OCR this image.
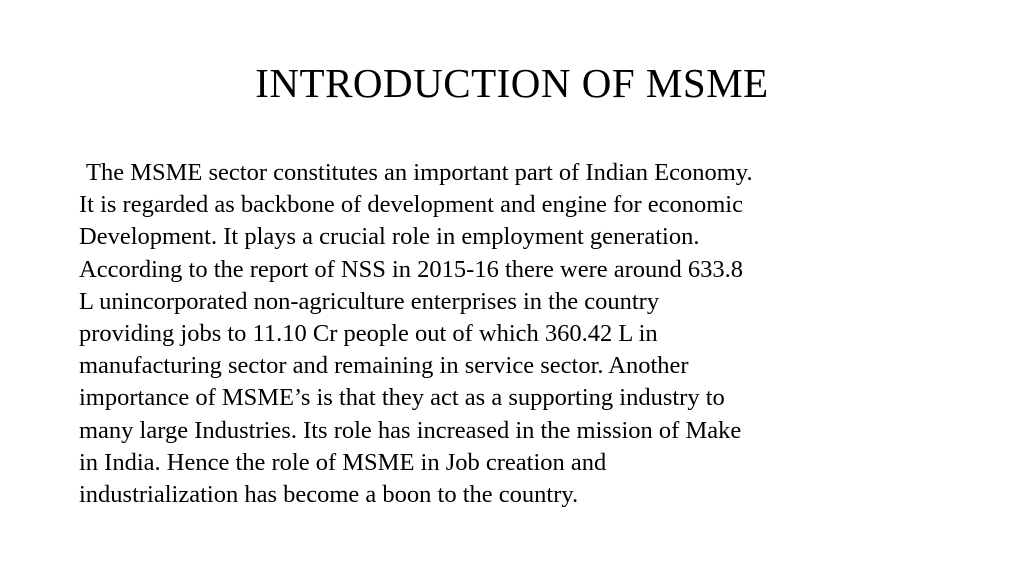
INTRODUCTION OF MSME

The MSME sector constitutes an important part of Indian Economy.
It is regarded as backbone of development and engine for economic
Development. It plays a crucial role in employment generation.
According to the report of NSS in 2015-16 there were around 633.8
L unincorporated non-agriculture enterprises in the country
providing jobs to 11.10 Cr people out of which 360.42 L in
manufacturing sector and remaining in service sector. Another
importance of MSME’s is that they act as a supporting industry to
many large Industries. Its role has increased in the mission of Make
in India. Hence the role of MSME in Job creation and
industrialization has become a boon to the country.
